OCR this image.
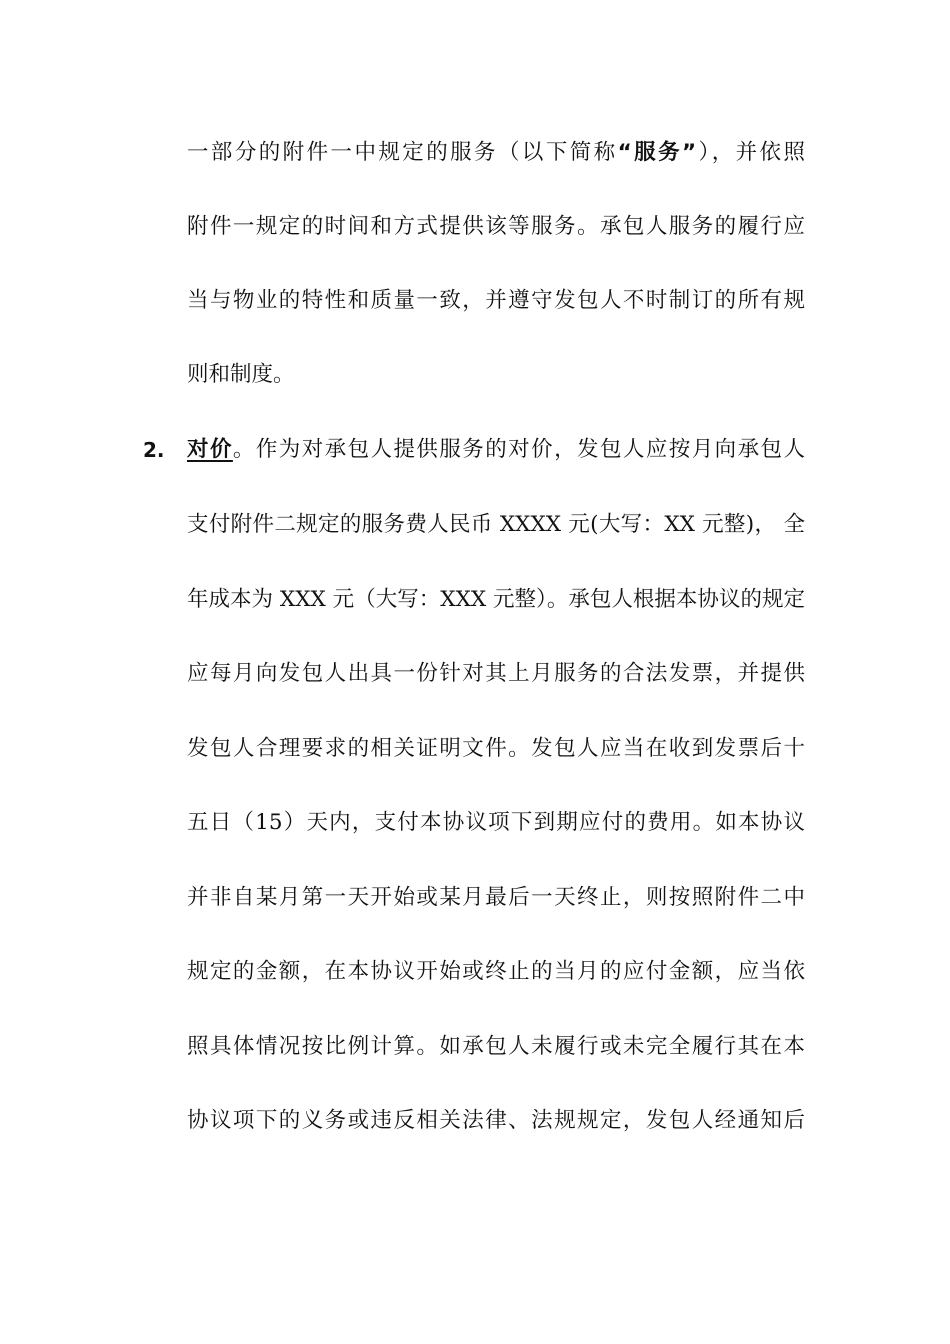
一部分的附件一中规定的服务（以下简称“服务”），并依照
附件一规定的时间和方式提供该等服务。承包人服务的履行应
当与物业的特性和质量一致，并遵守发包人不时制订的所有规
则和制度。
2. 对价。作为对承包人提供服务的对价，发包人应按月向承包人
支付附件二规定的服务费人民币 XXXX 元(大写：XX 元整)， 全
年成本为 XXX 元（大写：XXX 元整）。承包人根据本协议的规定
应每月向发包人出具一份针对其上月服务的合法发票，并提供
发包人合理要求的相关证明文件。发包人应当在收到发票后十
五日（15）天内，支付本协议项下到期应付的费用。如本协议
并非自某月第一天开始或某月最后一天终止，则按照附件二中
规定的金额，在本协议开始或终止的当月的应付金额，应当依
照具体情况按比例计算。如承包人未履行或未完全履行其在本
协议项下的义务或违反相关法律、法规规定，发包人经通知后
